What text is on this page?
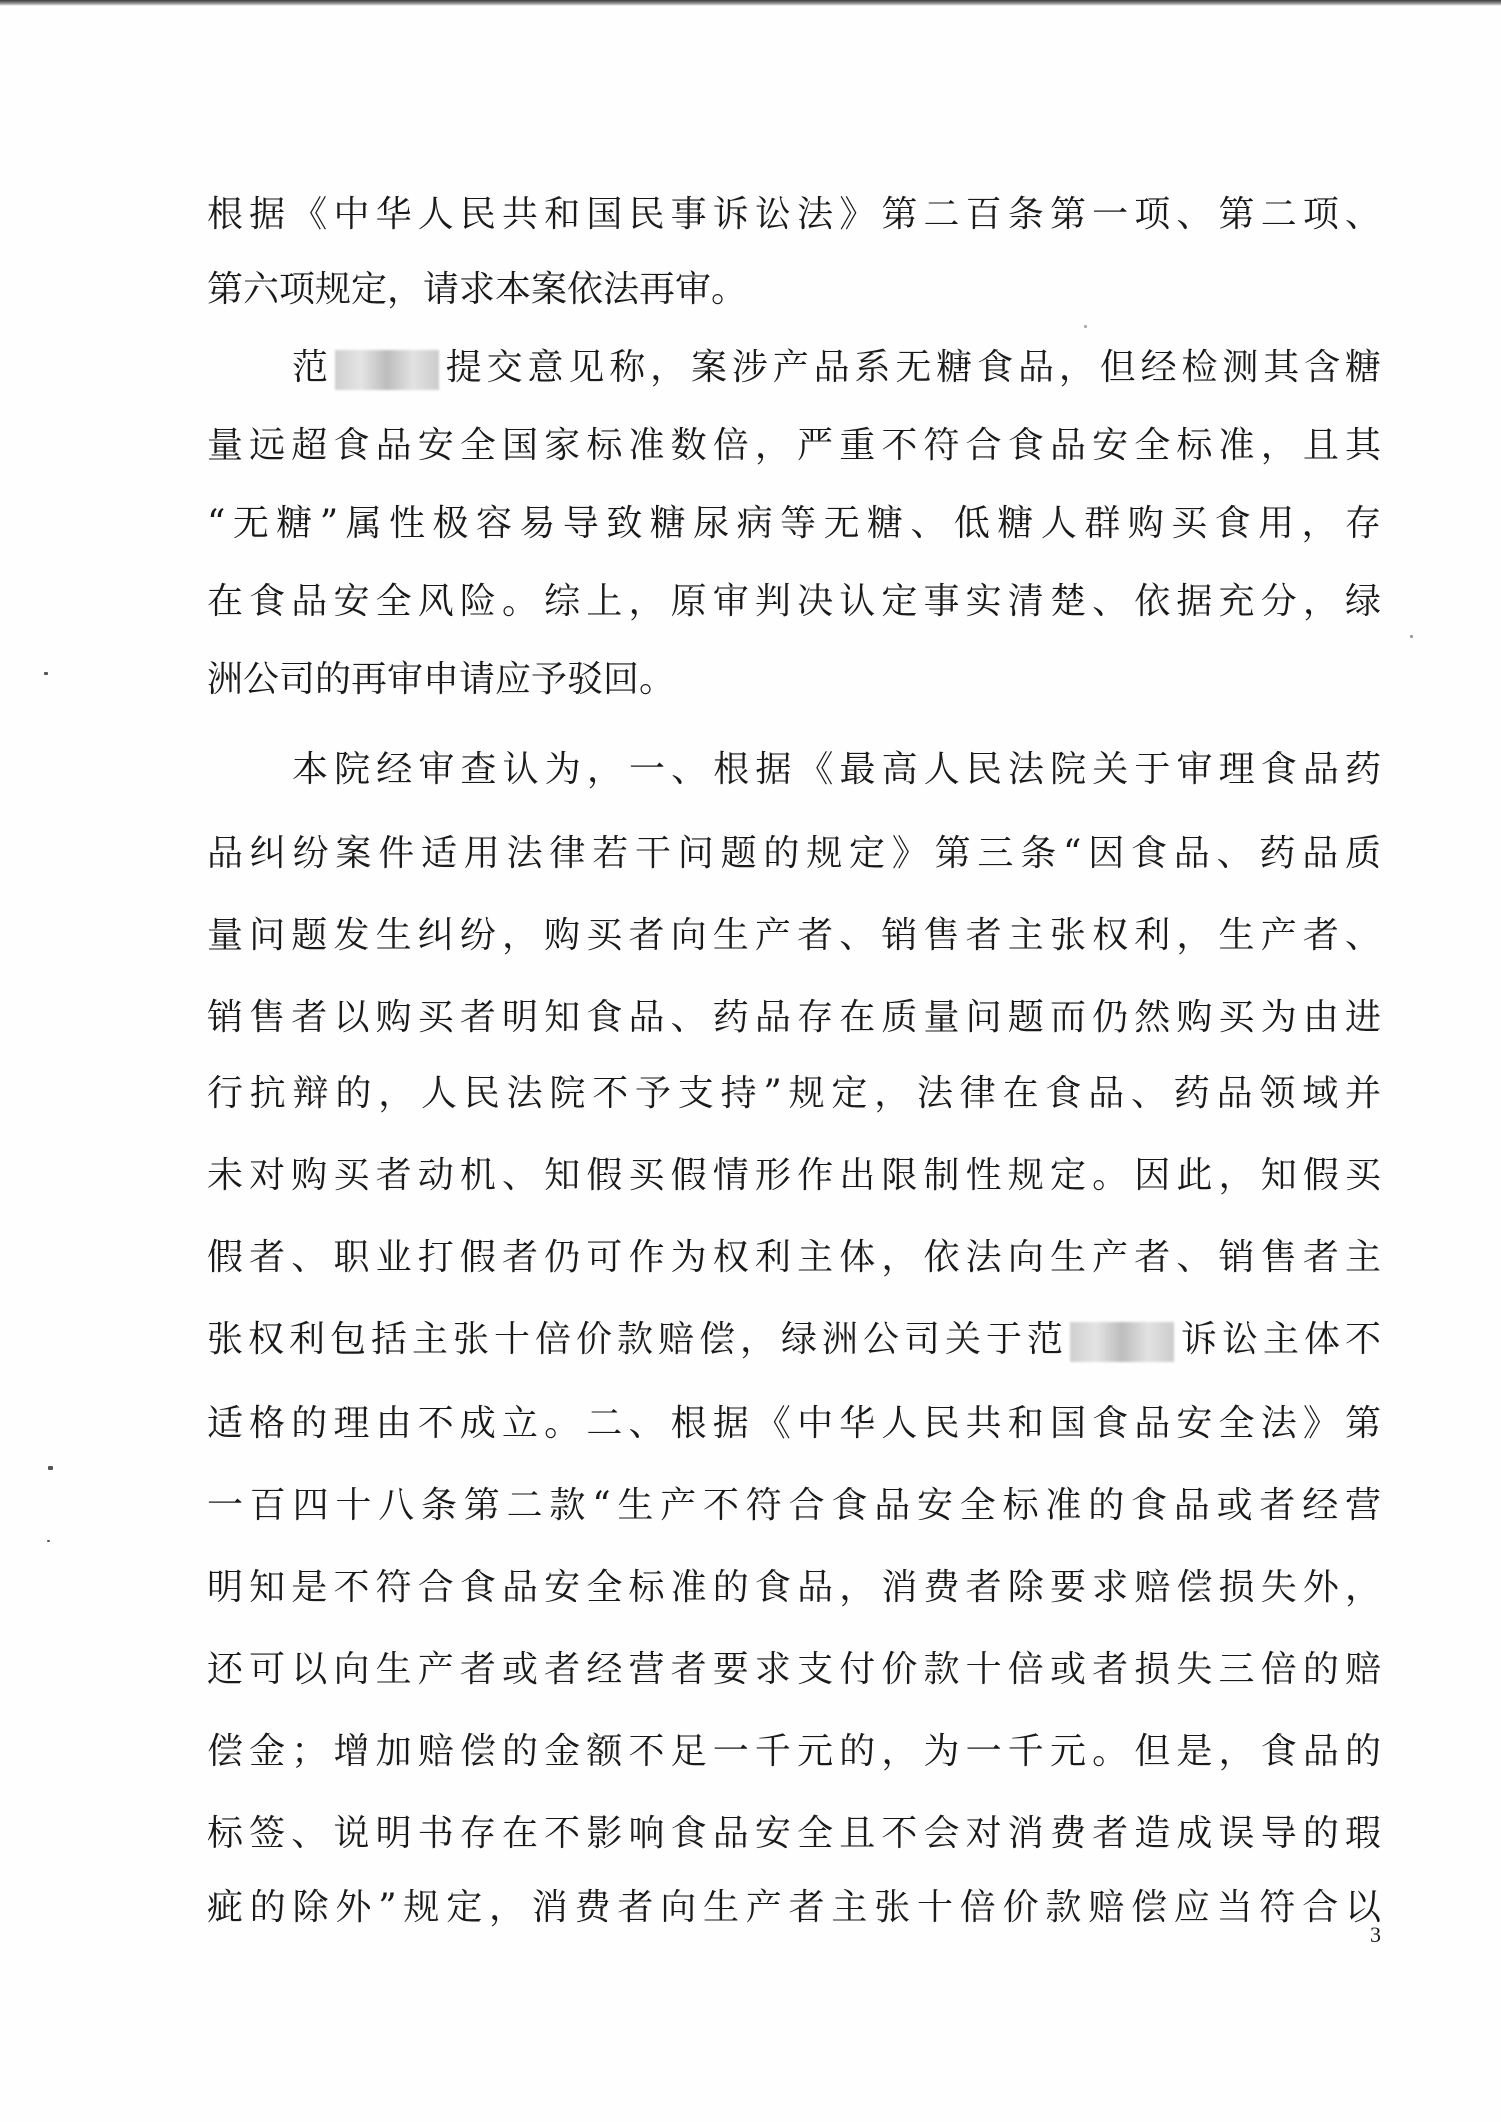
根据《中华人民共和国民事诉讼法》第二百条第一项、第二项、
第六项规定，请求本案依法再审。
范	提交意见称，案涉产品系无糖食品，但经检测其含糖
量远超食品安全国家标准数倍，严重不符合食品安全标准，且其
“无糖”属性极容易导致糖尿病等无糖、低糖人群购买食用，存
在食品安全风险。综上，原审判决认定事实清楚、依据充分，绿
洲公司的再审申请应予驳回。
本院经审查认为，一、根据《最高人民法院关于审理食品药
品纠纷案件适用法律若干问题的规定》第三条“因食品、药品质
量问题发生纠纷，购买者向生产者、销售者主张权利，生产者、
销售者以购买者明知食品、药品存在质量问题而仍然购买为由进
行抗辩的，人民法院不予支持”规定，法律在食品、药品领域并
未对购买者动机、知假买假情形作出限制性规定。因此，知假买
假者、职业打假者仍可作为权利主体，依法向生产者、销售者主
张权利包括主张十倍价款赔偿，绿洲公司关于范	诉讼主体不
适格的理由不成立。二、根据《中华人民共和国食品安全法》第
一百四十八条第二款“生产不符合食品安全标准的食品或者经营
明知是不符合食品安全标准的食品，消费者除要求赔偿损失外，
还可以向生产者或者经营者要求支付价款十倍或者损失三倍的赔
偿金；增加赔偿的金额不足一千元的，为一千元。但是，食品的
标签、说明书存在不影响食品安全且不会对消费者造成误导的瑕
疵的除外”规定，消费者向生产者主张十倍价款赔偿应当符合以
3
